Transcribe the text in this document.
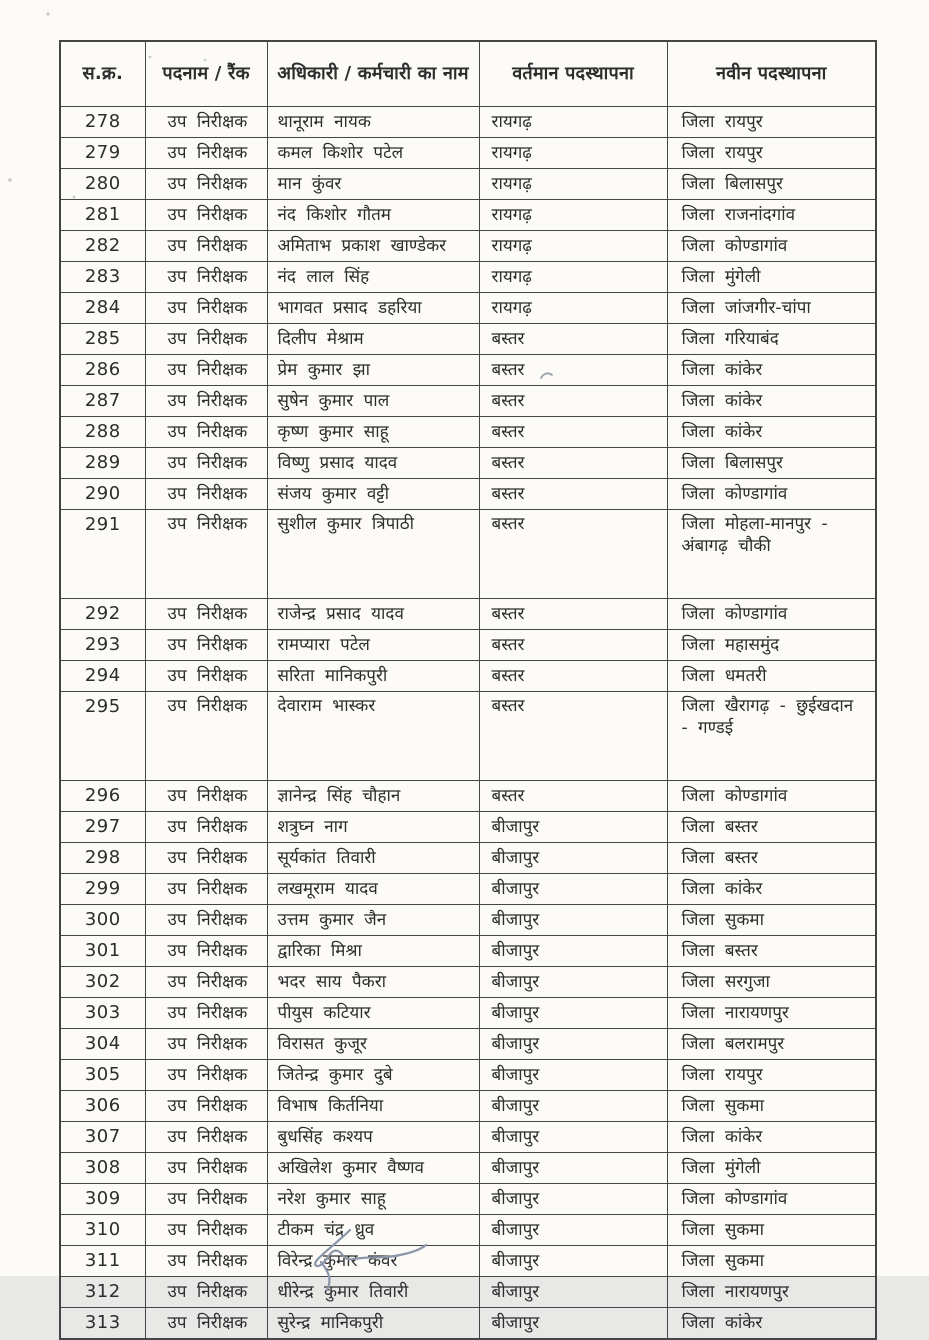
स.क्र.	पदनाम / रैंक	अधिकारी / कर्मचारी का नाम	वर्तमान पदस्थापना	नवीन पदस्थापना
278	उप निरीक्षक	थानूराम नायक	रायगढ़	जिला रायपुर
279	उप निरीक्षक	कमल किशोर पटेल	रायगढ़	जिला रायपुर
280	उप निरीक्षक	मान कुंवर	रायगढ़	जिला बिलासपुर
281	उप निरीक्षक	नंद किशोर गौतम	रायगढ़	जिला राजनांदगांव
282	उप निरीक्षक	अमिताभ प्रकाश खाण्डेकर	रायगढ़	जिला कोण्डागांव
283	उप निरीक्षक	नंद लाल सिंह	रायगढ़	जिला मुंगेली
284	उप निरीक्षक	भागवत प्रसाद डहरिया	रायगढ़	जिला जांजगीर-चांपा
285	उप निरीक्षक	दिलीप मेश्राम	बस्तर	जिला गरियाबंद
286	उप निरीक्षक	प्रेम कुमार झा	बस्तर	जिला कांकेर
287	उप निरीक्षक	सुषेन कुमार पाल	बस्तर	जिला कांकेर
288	उप निरीक्षक	कृष्ण कुमार साहू	बस्तर	जिला कांकेर
289	उप निरीक्षक	विष्णु प्रसाद यादव	बस्तर	जिला बिलासपुर
290	उप निरीक्षक	संजय कुमार वट्टी	बस्तर	जिला कोण्डागांव
291	उप निरीक्षक	सुशील कुमार त्रिपाठी	बस्तर	जिला मोहला-मानपुर - अंबागढ़ चौकी
292	उप निरीक्षक	राजेन्द्र प्रसाद यादव	बस्तर	जिला कोण्डागांव
293	उप निरीक्षक	रामप्यारा पटेल	बस्तर	जिला महासमुंद
294	उप निरीक्षक	सरिता मानिकपुरी	बस्तर	जिला धमतरी
295	उप निरीक्षक	देवाराम भास्कर	बस्तर	जिला खैरागढ़ - छुईखदान - गण्डई
296	उप निरीक्षक	ज्ञानेन्द्र सिंह चौहान	बस्तर	जिला कोण्डागांव
297	उप निरीक्षक	शत्रुघ्न नाग	बीजापुर	जिला बस्तर
298	उप निरीक्षक	सूर्यकांत तिवारी	बीजापुर	जिला बस्तर
299	उप निरीक्षक	लखमूराम यादव	बीजापुर	जिला कांकेर
300	उप निरीक्षक	उत्तम कुमार जैन	बीजापुर	जिला सुकमा
301	उप निरीक्षक	द्वारिका मिश्रा	बीजापुर	जिला बस्तर
302	उप निरीक्षक	भदर साय पैकरा	बीजापुर	जिला सरगुजा
303	उप निरीक्षक	पीयुस कटियार	बीजापुर	जिला नारायणपुर
304	उप निरीक्षक	विरासत कुजूर	बीजापुर	जिला बलरामपुर
305	उप निरीक्षक	जितेन्द्र कुमार दुबे	बीजापुर	जिला रायपुर
306	उप निरीक्षक	विभाष किर्तनिया	बीजापुर	जिला सुकमा
307	उप निरीक्षक	बुधसिंह कश्यप	बीजापुर	जिला कांकेर
308	उप निरीक्षक	अखिलेश कुमार वैष्णव	बीजापुर	जिला मुंगेली
309	उप निरीक्षक	नरेश कुमार साहू	बीजापुर	जिला कोण्डागांव
310	उप निरीक्षक	टीकम चंद्र ध्रुव	बीजापुर	जिला सुकमा
311	उप निरीक्षक	विरेन्द्र कुमार कंवर	बीजापुर	जिला सुकमा
312	उप निरीक्षक	धीरेन्द्र कुमार तिवारी	बीजापुर	जिला नारायणपुर
313	उप निरीक्षक	सुरेन्द्र मानिकपुरी	बीजापुर	जिला कांकेर
